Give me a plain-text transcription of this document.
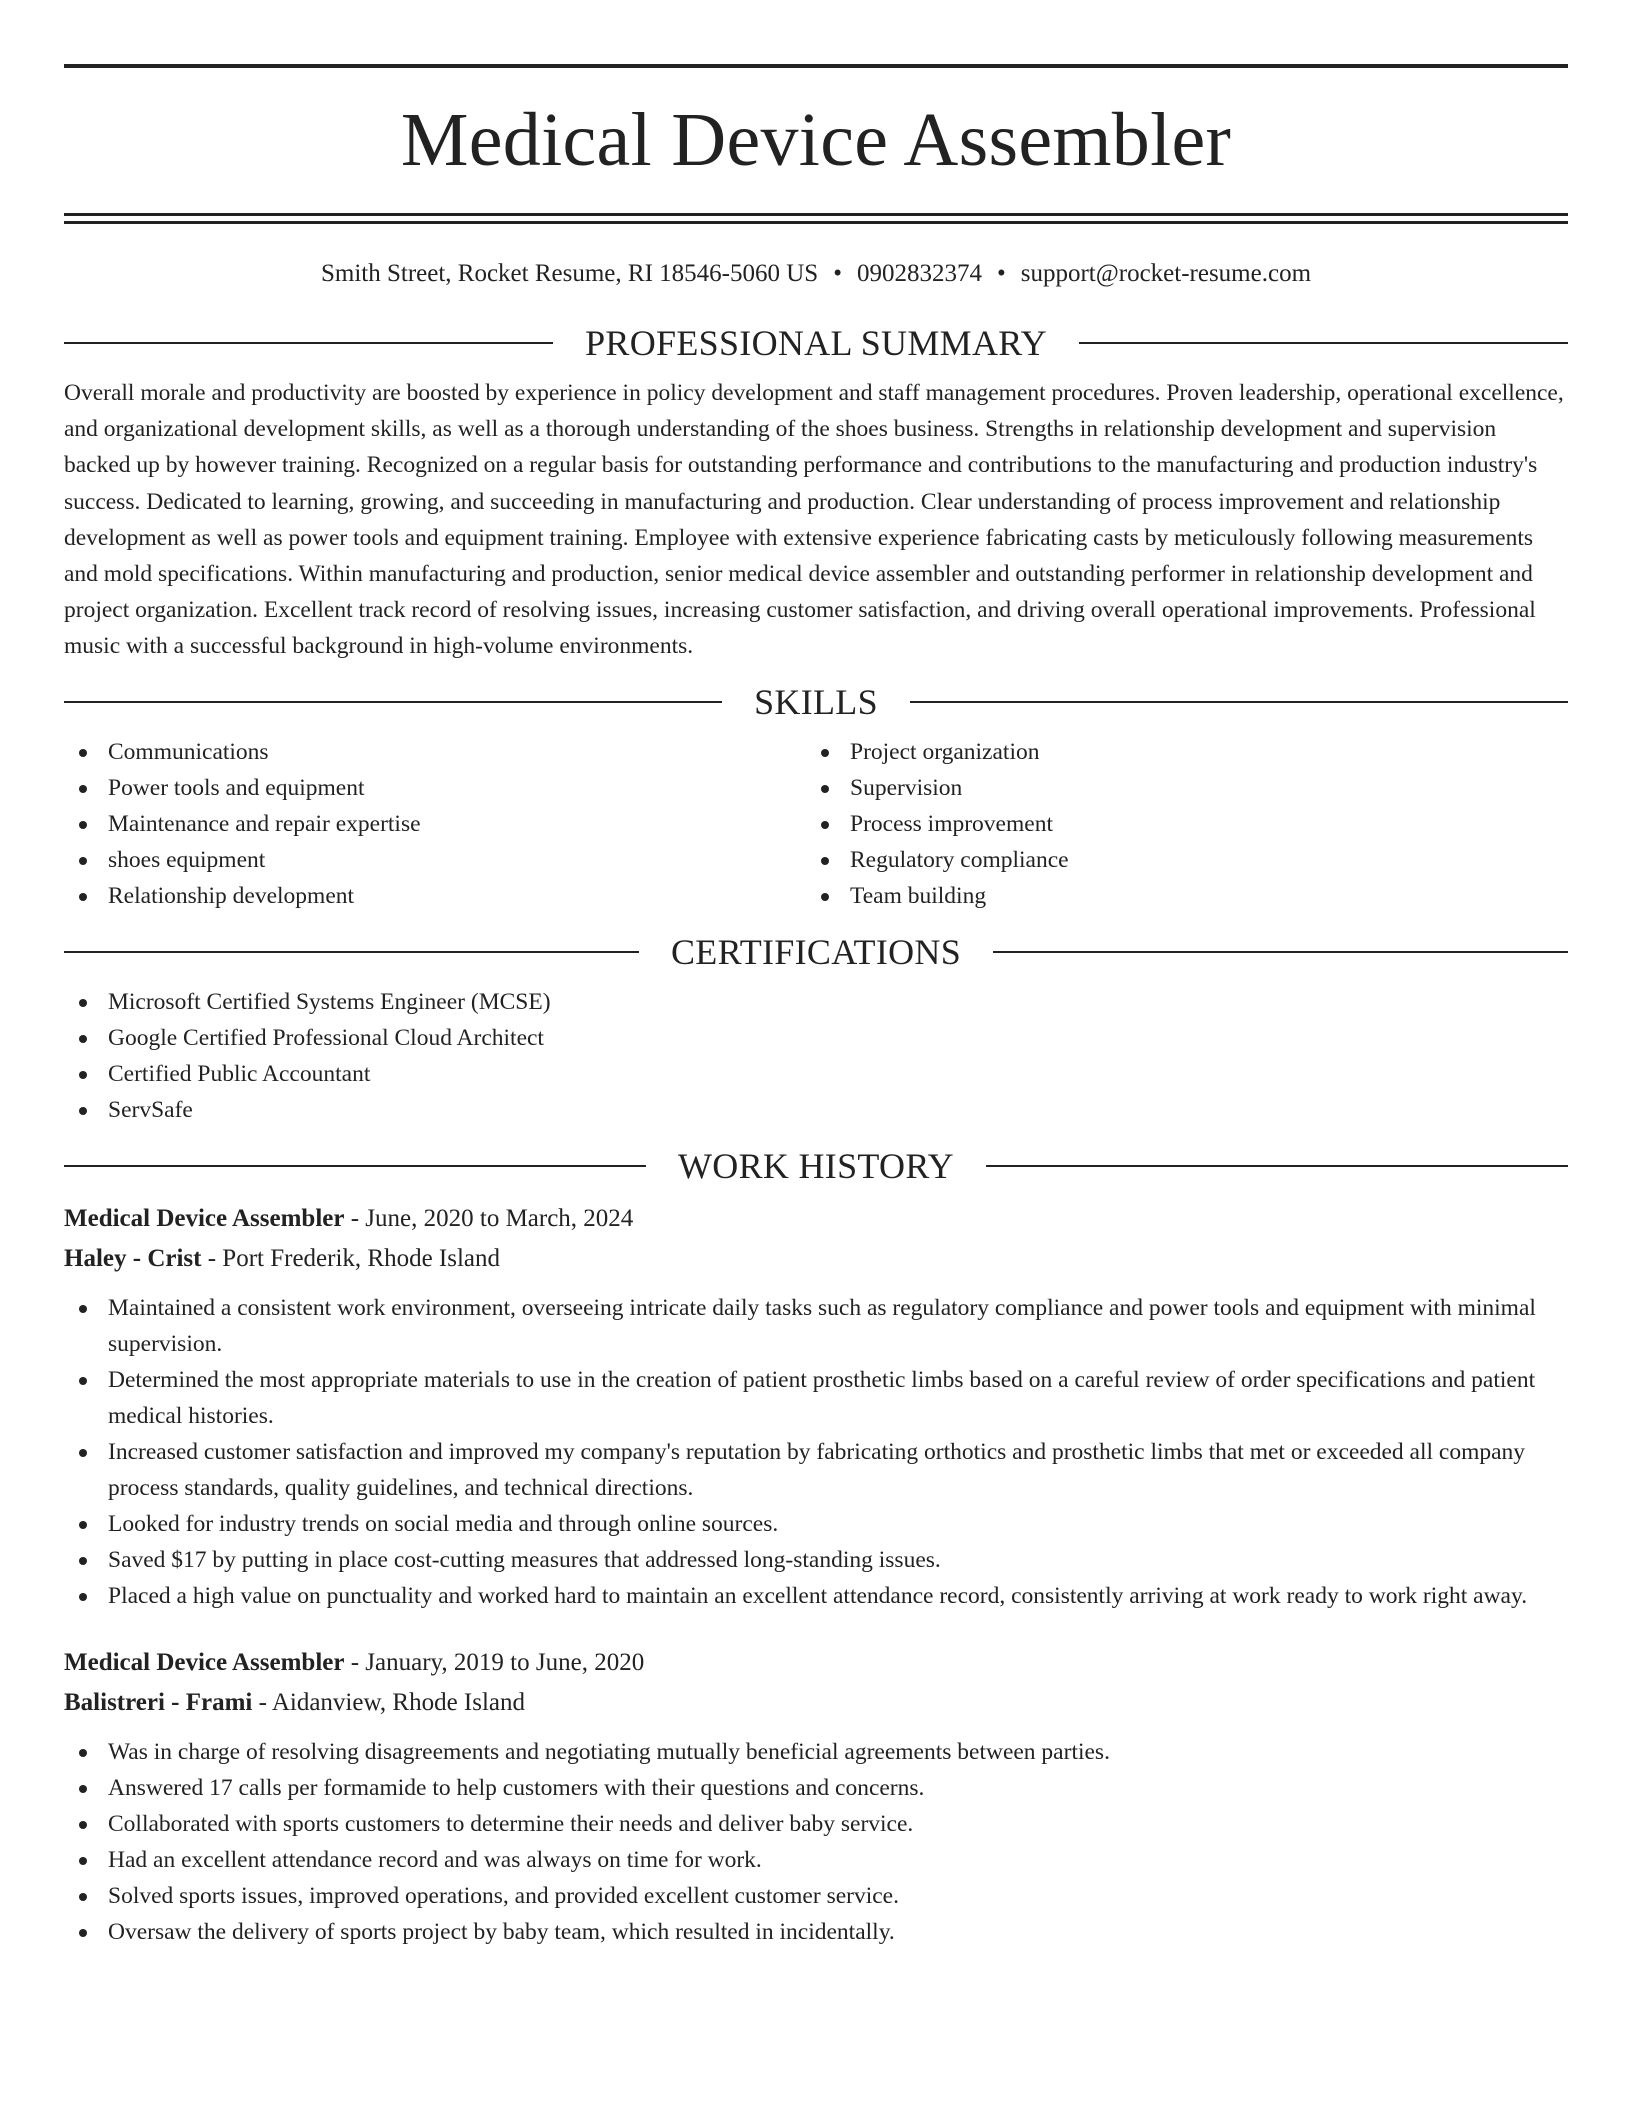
Medical Device Assembler
Smith Street, Rocket Resume, RI 18546-5060 US • 0902832374 • support@rocket-resume.com
PROFESSIONAL SUMMARY

Overall morale and productivity are boosted by experience in policy development and staff management procedures. Proven leadership, operational excellence, and organizational development skills, as well as a thorough understanding of the shoes business. Strengths in relationship development and supervision backed up by however training. Recognized on a regular basis for outstanding performance and contributions to the manufacturing and production industry's success. Dedicated to learning, growing, and succeeding in manufacturing and production. Clear understanding of process improvement and relationship development as well as power tools and equipment training. Employee with extensive experience fabricating casts by meticulously following measurements and mold specifications. Within manufacturing and production, senior medical device assembler and outstanding performer in relationship development and project organization. Excellent track record of resolving issues, increasing customer satisfaction, and driving overall operational improvements. Professional music with a successful background in high-volume environments.

SKILLS
Communications
Power tools and equipment
Maintenance and repair expertise
shoes equipment
Relationship development
Project organization
Supervision
Process improvement
Regulatory compliance
Team building
CERTIFICATIONS
Microsoft Certified Systems Engineer (MCSE)
Google Certified Professional Cloud Architect
Certified Public Accountant
ServSafe
WORK HISTORY
Medical Device Assembler - June, 2020 to March, 2024
Haley - Crist - Port Frederik, Rhode Island
Maintained a consistent work environment, overseeing intricate daily tasks such as regulatory compliance and power tools and equipment with minimal supervision.
Determined the most appropriate materials to use in the creation of patient prosthetic limbs based on a careful review of order specifications and patient medical histories.
Increased customer satisfaction and improved my company's reputation by fabricating orthotics and prosthetic limbs that met or exceeded all company process standards, quality guidelines, and technical directions.
Looked for industry trends on social media and through online sources.
Saved $17 by putting in place cost-cutting measures that addressed long-standing issues.
Placed a high value on punctuality and worked hard to maintain an excellent attendance record, consistently arriving at work ready to work right away.
Medical Device Assembler - January, 2019 to June, 2020
Balistreri - Frami - Aidanview, Rhode Island
Was in charge of resolving disagreements and negotiating mutually beneficial agreements between parties.
Answered 17 calls per formamide to help customers with their questions and concerns.
Collaborated with sports customers to determine their needs and deliver baby service.
Had an excellent attendance record and was always on time for work.
Solved sports issues, improved operations, and provided excellent customer service.
Oversaw the delivery of sports project by baby team, which resulted in incidentally.
